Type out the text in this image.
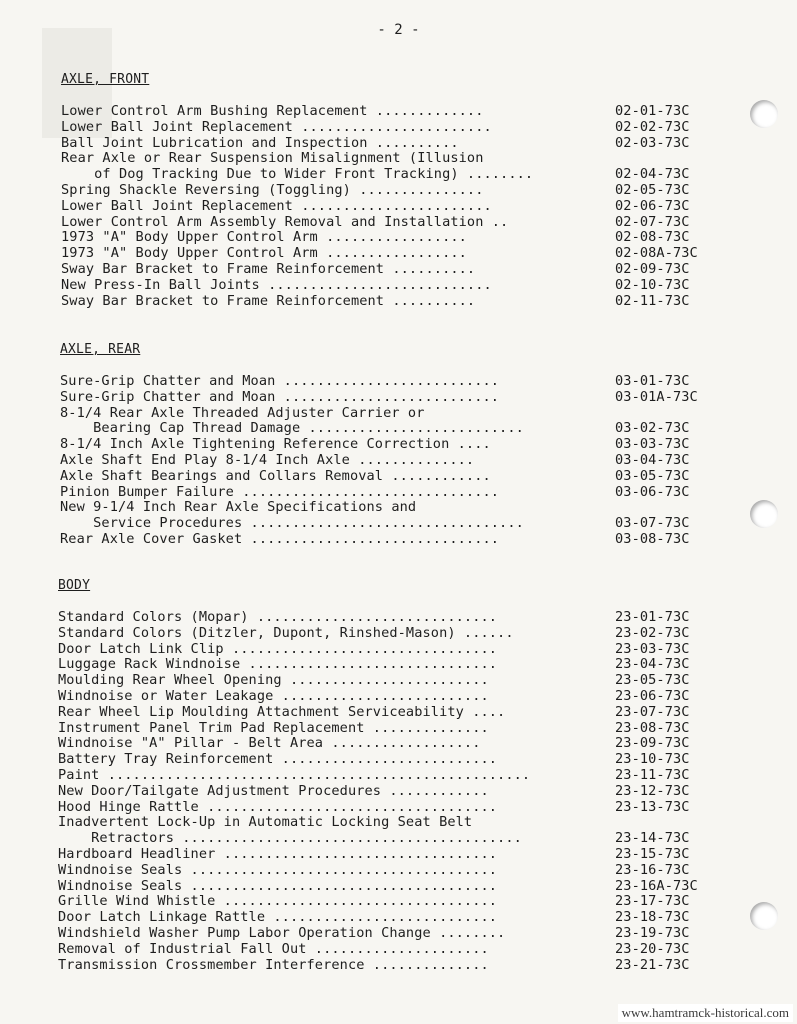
- 2 -
AXLE, FRONT
Lower Control Arm Bushing Replacement .............	02-01-73C
Lower Ball Joint Replacement .......................	02-02-73C
Ball Joint Lubrication and Inspection ..........	02-03-73C
Rear Axle or Rear Suspension Misalignment (Illusion
of Dog Tracking Due to Wider Front Tracking) ........	02-04-73C
Spring Shackle Reversing (Toggling) ...............	02-05-73C
Lower Ball Joint Replacement .......................	02-06-73C
Lower Control Arm Assembly Removal and Installation ..	02-07-73C
1973 "A" Body Upper Control Arm .................	02-08-73C
1973 "A" Body Upper Control Arm .................	02-08A-73C
Sway Bar Bracket to Frame Reinforcement ..........	02-09-73C
New Press-In Ball Joints ...........................	02-10-73C
Sway Bar Bracket to Frame Reinforcement ..........	02-11-73C
AXLE, REAR
Sure-Grip Chatter and Moan ..........................	03-01-73C
Sure-Grip Chatter and Moan ..........................	03-01A-73C
8-1/4 Rear Axle Threaded Adjuster Carrier or
Bearing Cap Thread Damage ..........................	03-02-73C
8-1/4 Inch Axle Tightening Reference Correction ....	03-03-73C
Axle Shaft End Play 8-1/4 Inch Axle ..............	03-04-73C
Axle Shaft Bearings and Collars Removal ............	03-05-73C
Pinion Bumper Failure ...............................	03-06-73C
New 9-1/4 Inch Rear Axle Specifications and
Service Procedures .................................	03-07-73C
Rear Axle Cover Gasket ..............................	03-08-73C
BODY
Standard Colors (Mopar) .............................	23-01-73C
Standard Colors (Ditzler, Dupont, Rinshed-Mason) ......	23-02-73C
Door Latch Link Clip ................................	23-03-73C
Luggage Rack Windnoise ..............................	23-04-73C
Moulding Rear Wheel Opening ........................	23-05-73C
Windnoise or Water Leakage .........................	23-06-73C
Rear Wheel Lip Moulding Attachment Serviceability ....	23-07-73C
Instrument Panel Trim Pad Replacement ..............	23-08-73C
Windnoise "A" Pillar - Belt Area ..................	23-09-73C
Battery Tray Reinforcement ..........................	23-10-73C
Paint ...................................................	23-11-73C
New Door/Tailgate Adjustment Procedures ............	23-12-73C
Hood Hinge Rattle ...................................	23-13-73C
Inadvertent Lock-Up in Automatic Locking Seat Belt
Retractors .........................................	23-14-73C
Hardboard Headliner .................................	23-15-73C
Windnoise Seals .....................................	23-16-73C
Windnoise Seals .....................................	23-16A-73C
Grille Wind Whistle .................................	23-17-73C
Door Latch Linkage Rattle ...........................	23-18-73C
Windshield Washer Pump Labor Operation Change ........	23-19-73C
Removal of Industrial Fall Out .....................	23-20-73C
Transmission Crossmember Interference ..............	23-21-73C
www.hamtramck-historical.com
